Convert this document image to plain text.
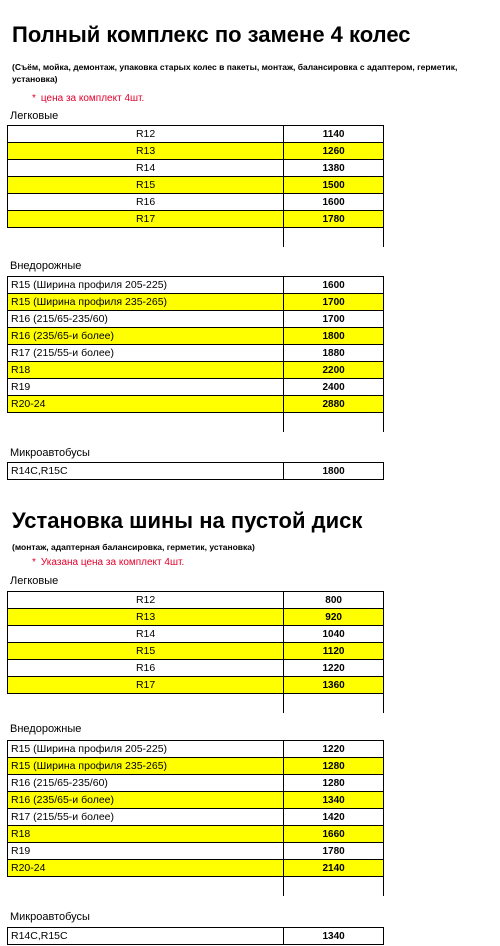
Полный комплекс по замене 4 колес
(Съём, мойка, демонтаж, упаковка старых колес в пакеты, монтаж, балансировка с адаптером, герметик, установка)
* цена за комплект 4шт.
Легковые
R12	1140
R13	1260
R14	1380
R15	1500
R16	1600
R17	1780

Внедорожные
R15 (Ширина профиля 205-225)	1600
R15 (Ширина профиля 235-265)	1700
R16 (215/65-235/60)	1700
R16 (235/65-и более)	1800
R17 (215/55-и более)	1880
R18	2200
R19	2400
R20-24	2880

Микроавтобусы
R14C,R15C	1800
Установка шины на пустой диск
(монтаж, адаптерная балансировка, герметик, установка)
* Указана цена за комплект 4шт.
Легковые
R12	800
R13	920
R14	1040
R15	1120
R16	1220
R17	1360

Внедорожные
R15 (Ширина профиля 205-225)	1220
R15 (Ширина профиля 235-265)	1280
R16 (215/65-235/60)	1280
R16 (235/65-и более)	1340
R17 (215/55-и более)	1420
R18	1660
R19	1780
R20-24	2140

Микроавтобусы
R14C,R15C	1340
